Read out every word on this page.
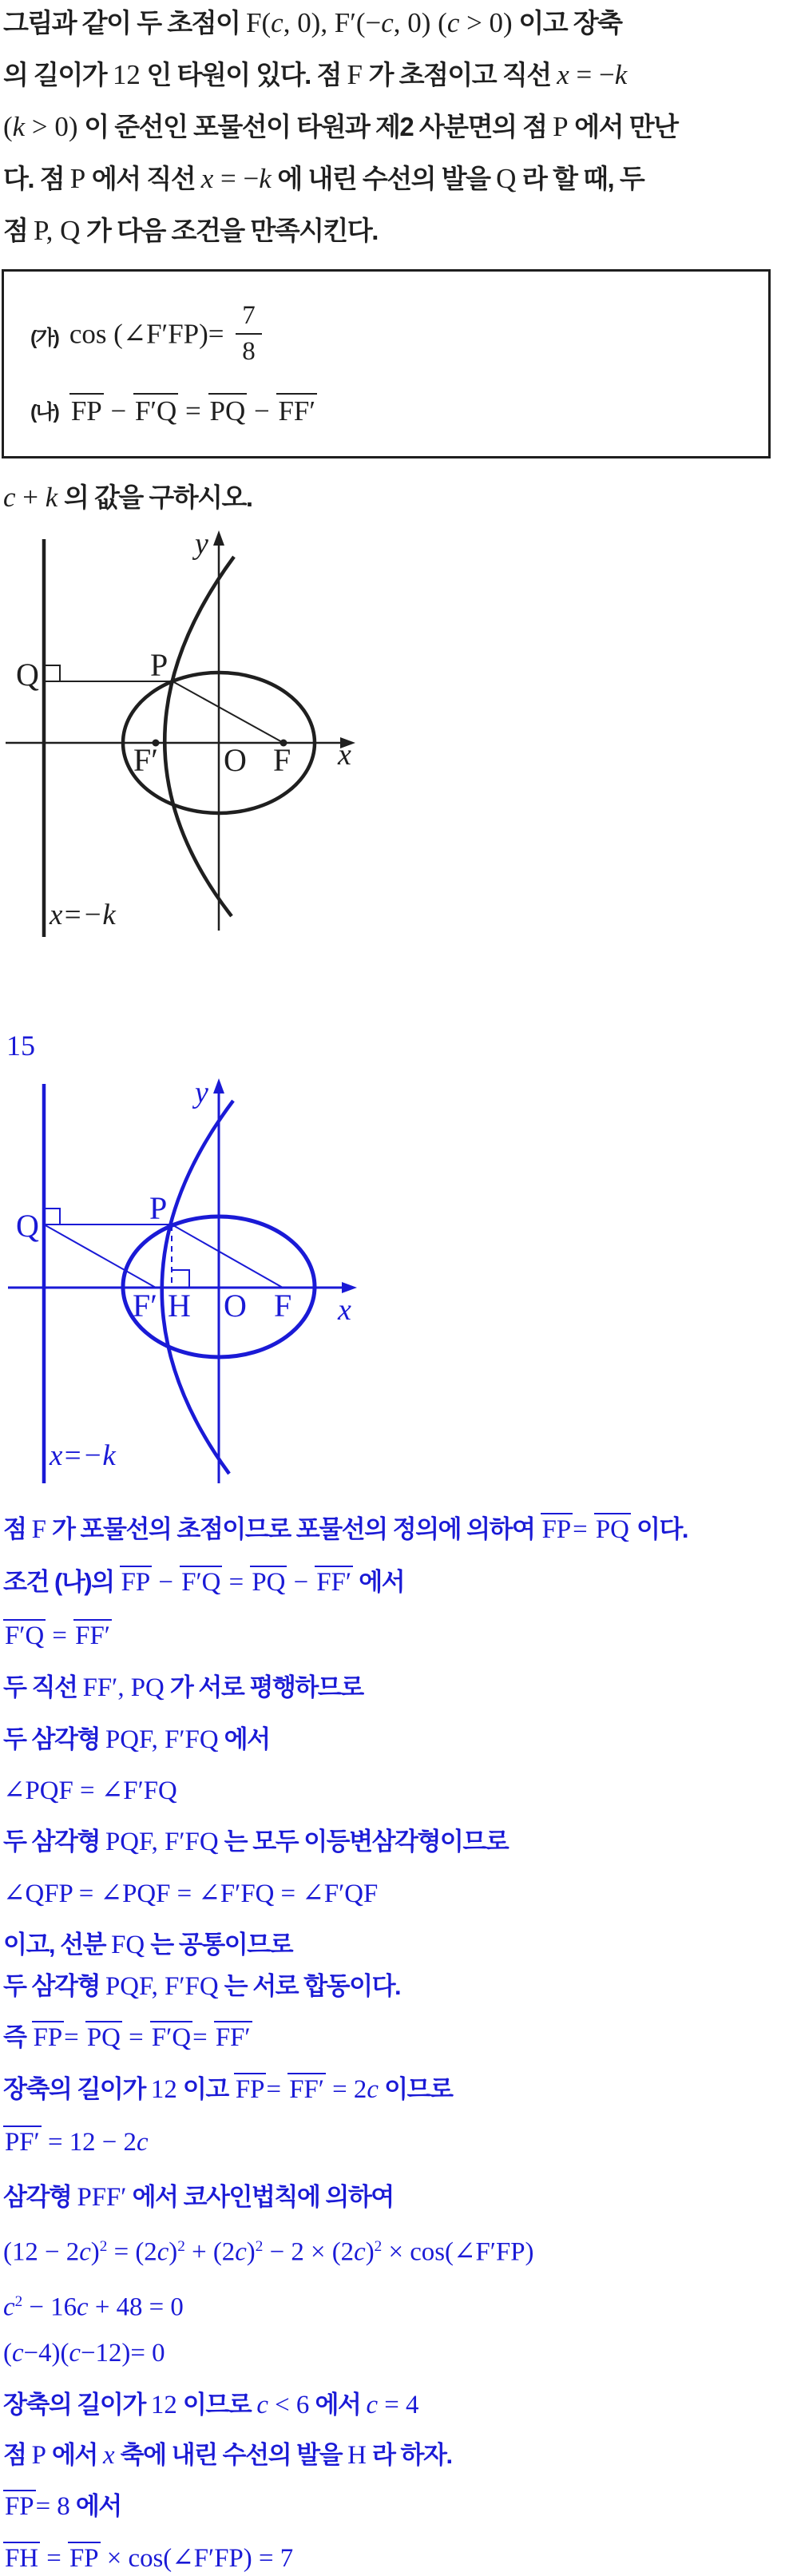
그림과 같이 두 초점이 F(c, 0), F′(−c, 0) (c > 0) 이고 장축
의 길이가 12 인 타원이 있다. 점 F 가 초점이고 직선 x = −k
(k > 0) 이 준선인 포물선이 타원과 제2 사분면의 점 P 에서 만난
다. 점 P 에서 직선 x = −k 에 내린 수선의 발을 Q 라 할 때, 두
점 P, Q 가 다음 조건을 만족시킨다.
(가) cos (∠F′FP)= $\frac{7}{8}$
(나) FP − F′Q = PQ − FF′
c + k 의 값을 구하시오.
y
x
Q	P
F′ O F
x=−k
15
y
x
Q	P
F′ H O F
x=−k
점 F 가 포물선의 초점이므로 포물선의 정의에 의하여 FP= PQ 이다.
조건 (나)의 FP − F′Q = PQ − FF′ 에서
F′Q = FF′
두 직선 FF′, PQ 가 서로 평행하므로
두 삼각형 PQF, F′FQ 에서
∠PQF = ∠F′FQ
두 삼각형 PQF, F′FQ 는 모두 이등변삼각형이므로
∠QFP = ∠PQF = ∠F′FQ = ∠F′QF
이고, 선분 FQ 는 공통이므로
두 삼각형 PQF, F′FQ 는 서로 합동이다.
즉 FP= PQ = F′Q= FF′
장축의 길이가 12 이고 FP= FF′ = 2c 이므로
PF′ = 12 − 2c
삼각형 PFF′ 에서 코사인법칙에 의하여
$(12 - 2c)^2 = (2c)^2 + (2c)^2 - 2 \times (2c)^2$ × cos(∠F′FP)
$c^2 - 16c + 48 = 0$
(c−4)(c−12)= 0
장축의 길이가 12 이므로 c < 6 에서 c = 4
점 P 에서 x 축에 내린 수선의 발을 H 라 하자.
FP= 8 에서
FH = FP × cos(∠F′FP) = 7
